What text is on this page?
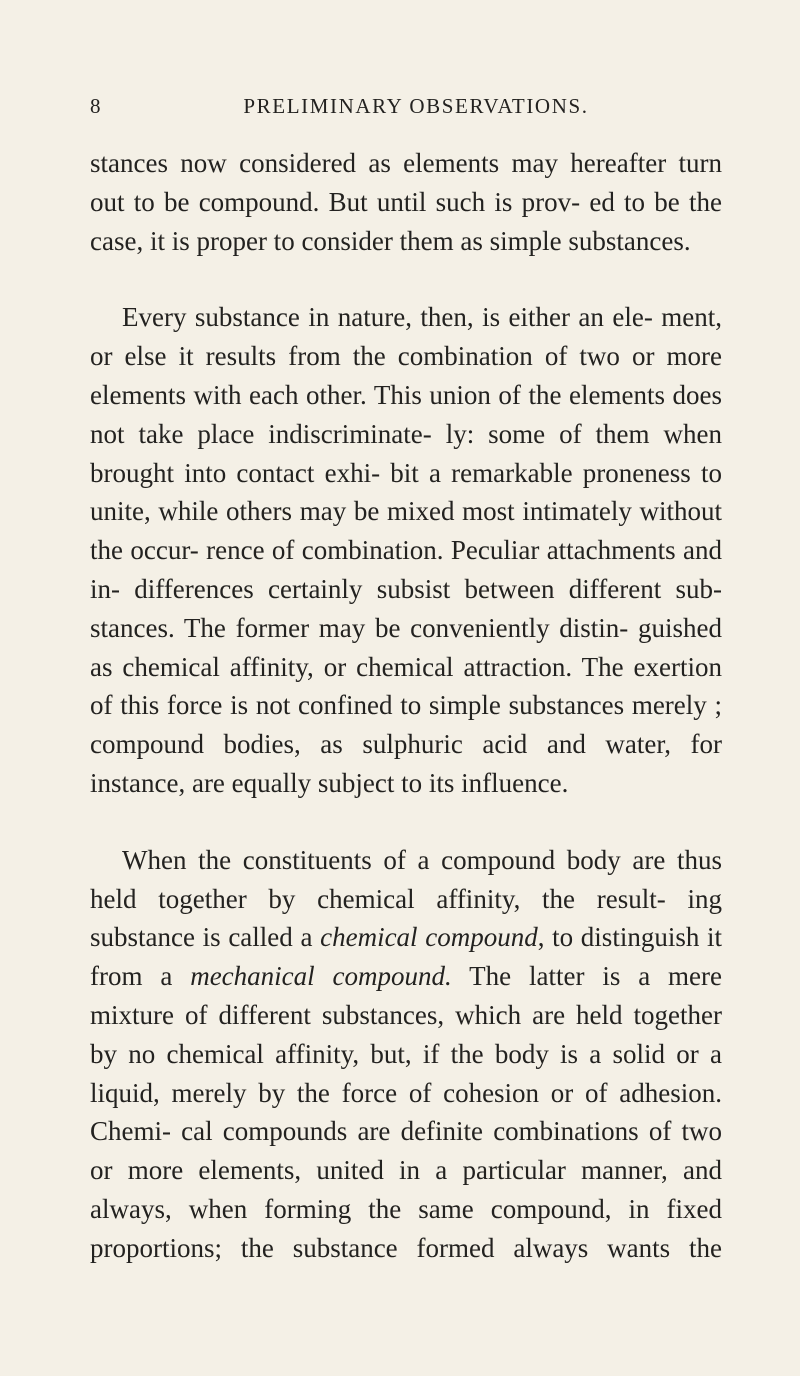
8	PRELIMINARY OBSERVATIONS.

stances now considered as elements may hereafter turn out to be compound. But until such is prov- ed to be the case, it is proper to consider them as simple substances.

Every substance in nature, then, is either an ele- ment, or else it results from the combination of two or more elements with each other. This union of the elements does not take place indiscriminate- ly: some of them when brought into contact exhi- bit a remarkable proneness to unite, while others may be mixed most intimately without the occur- rence of combination. Peculiar attachments and in- differences certainly subsist between different sub- stances. The former may be conveniently distin- guished as chemical affinity, or chemical attraction. The exertion of this force is not confined to simple substances merely ; compound bodies, as sulphuric acid and water, for instance, are equally subject to its influence.

When the constituents of a compound body are thus held together by chemical affinity, the result- ing substance is called a chemical compound, to distinguish it from a mechanical compound. The latter is a mere mixture of different substances, which are held together by no chemical affinity, but, if the body is a solid or a liquid, merely by the force of cohesion or of adhesion. Chemi- cal compounds are definite combinations of two or more elements, united in a particular manner, and always, when forming the same compound, in fixed proportions; the substance formed always wants the
